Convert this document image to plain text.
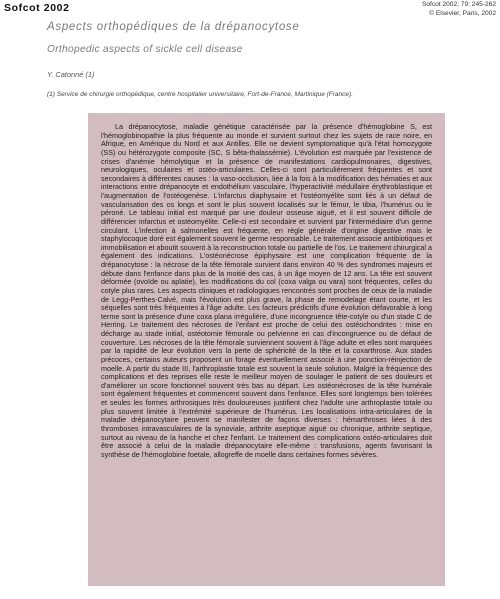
Sofcot 2002	Sofcot 2002; 79: 245-262
© Elsevier, Paris, 2002
Aspects orthopédiques de la drépanocytose
Orthopedic aspects of sickle cell disease
Y. Catonné (1)
(1) Service de chirurgie orthopédique, centre hospitalier universitaire, Fort-de-France, Martinique (France).

La drépanocytose, maladie génétique caractérisée par la présence d'hémoglobine S, est l'hémoglobinopathie la plus fréquente au monde et survient surtout chez les sujets de race noire, en Afrique, en Amérique du Nord et aux Antilles. Elle ne devient symptomatique qu'à l'état homozygote (SS) ou hétérozygote composite (SC, S bêta-thalassémie). L'évolution est marquée par l'existence de crises d'anémie hémolytique et la présence de manifestations cardiopulmonaires, digestives, neurologiques, oculaires et ostéo-articulaires. Celles-ci sont particulièrement fréquentes et sont secondaires à différentes causes : la vaso-occlusion, liée à la fois à la modification des hématies et aux interactions entre drépanocyte et endothélium vasculaire, l'hyperactivité médullaire érythroblastique et l'augmentation de l'ostéogenèse. L'infarctus diaphysaire et l'ostéomyélite sont liés à un défaut de vascularisation des os longs et sont le plus souvent localisés sur le fémur, le tibia, l'humérus ou le péroné. Le tableau initial est marqué par une douleur osseuse aiguë, et il est souvent difficile de différencier infarctus et ostéomyélite. Celle-ci est secondaire et survient par l'intermédiaire d'un germe circulant. L'infection à salmonelles est fréquente, en règle générale d'origine digestive mais le staphylocoque doré est également souvent le germe responsable. Le traitement associe antibiotiques et immobilisation et aboutit souvent à la reconstruction totale ou partielle de l'os. Le traitement chirurgical a également des indications. L'ostéonécrose épiphysaire est une complication fréquente de la drépanocytose : la nécrose de la tête fémorale survient dans environ 40 % des syndromes majeurs et débute dans l'enfance dans plus de la moitié des cas, à un âge moyen de 12 ans. La tête est souvent déformée (ovoïde ou aplatie), les modifications du col (coxa valga ou vara) sont fréquentes, celles du cotyle plus rares. Les aspects cliniques et radiologiques rencontrés sont proches de ceux de la maladie de Legg-Perthes-Calvé, mais l'évolution est plus grave, la phase de remodelage étant courte, et les séquelles sont très fréquentes à l'âge adulte. Les facteurs prédictifs d'une évolution défavorable à long terme sont la présence d'une coxa plana irrégulière, d'une incongruence tête-cotyle ou d'un stade C de Herring. Le traitement des nécroses de l'enfant est proche de celui des ostéochondrites : mise en décharge au stade initial, ostéotomie fémorale ou pelvienne en cas d'incongruence ou de défaut de couverture. Les nécroses de la tête fémorale surviennent souvent à l'âge adulte et elles sont marquées par la rapidité de leur évolution vers la perte de sphéricité de la tête et la coxarthrose. Aux stades précoces, certains auteurs proposent un forage éventuellement associé à une ponction-réinjection de moelle. A partir du stade III, l'arthroplastie totale est souvent la seule solution. Malgré la fréquence des complications et des reprises elle reste le meilleur moyen de soulager le patient de ses douleurs et d'améliorer un score fonctionnel souvent très bas au départ. Les ostéonécroses de la tête humérale sont également fréquentes et commencent souvent dans l'enfance. Elles sont longtemps bien tolérées et seules les formes arthrosiques très douloureuses justifient chez l'adulte une arthroplastie totale ou plus souvent limitée à l'extrémité supérieure de l'humérus. Les localisations intra-articulaires de la maladie drépanocytaire peuvent se manifester de façons diverses : hémarthroses liées à des thromboses intravasculaires de la synoviale, arthrite aseptique aiguë ou chronique, arthrite septique, surtout au niveau de la hanche et chez l'enfant. Le traitement des complications ostéo-articulaires doit être associé à celui de la maladie drépanocytaire elle-même : transfusions, agents favorisant la synthèse de l'hémoglobine foetale, allogreffe de moelle dans certaines formes sévères.
